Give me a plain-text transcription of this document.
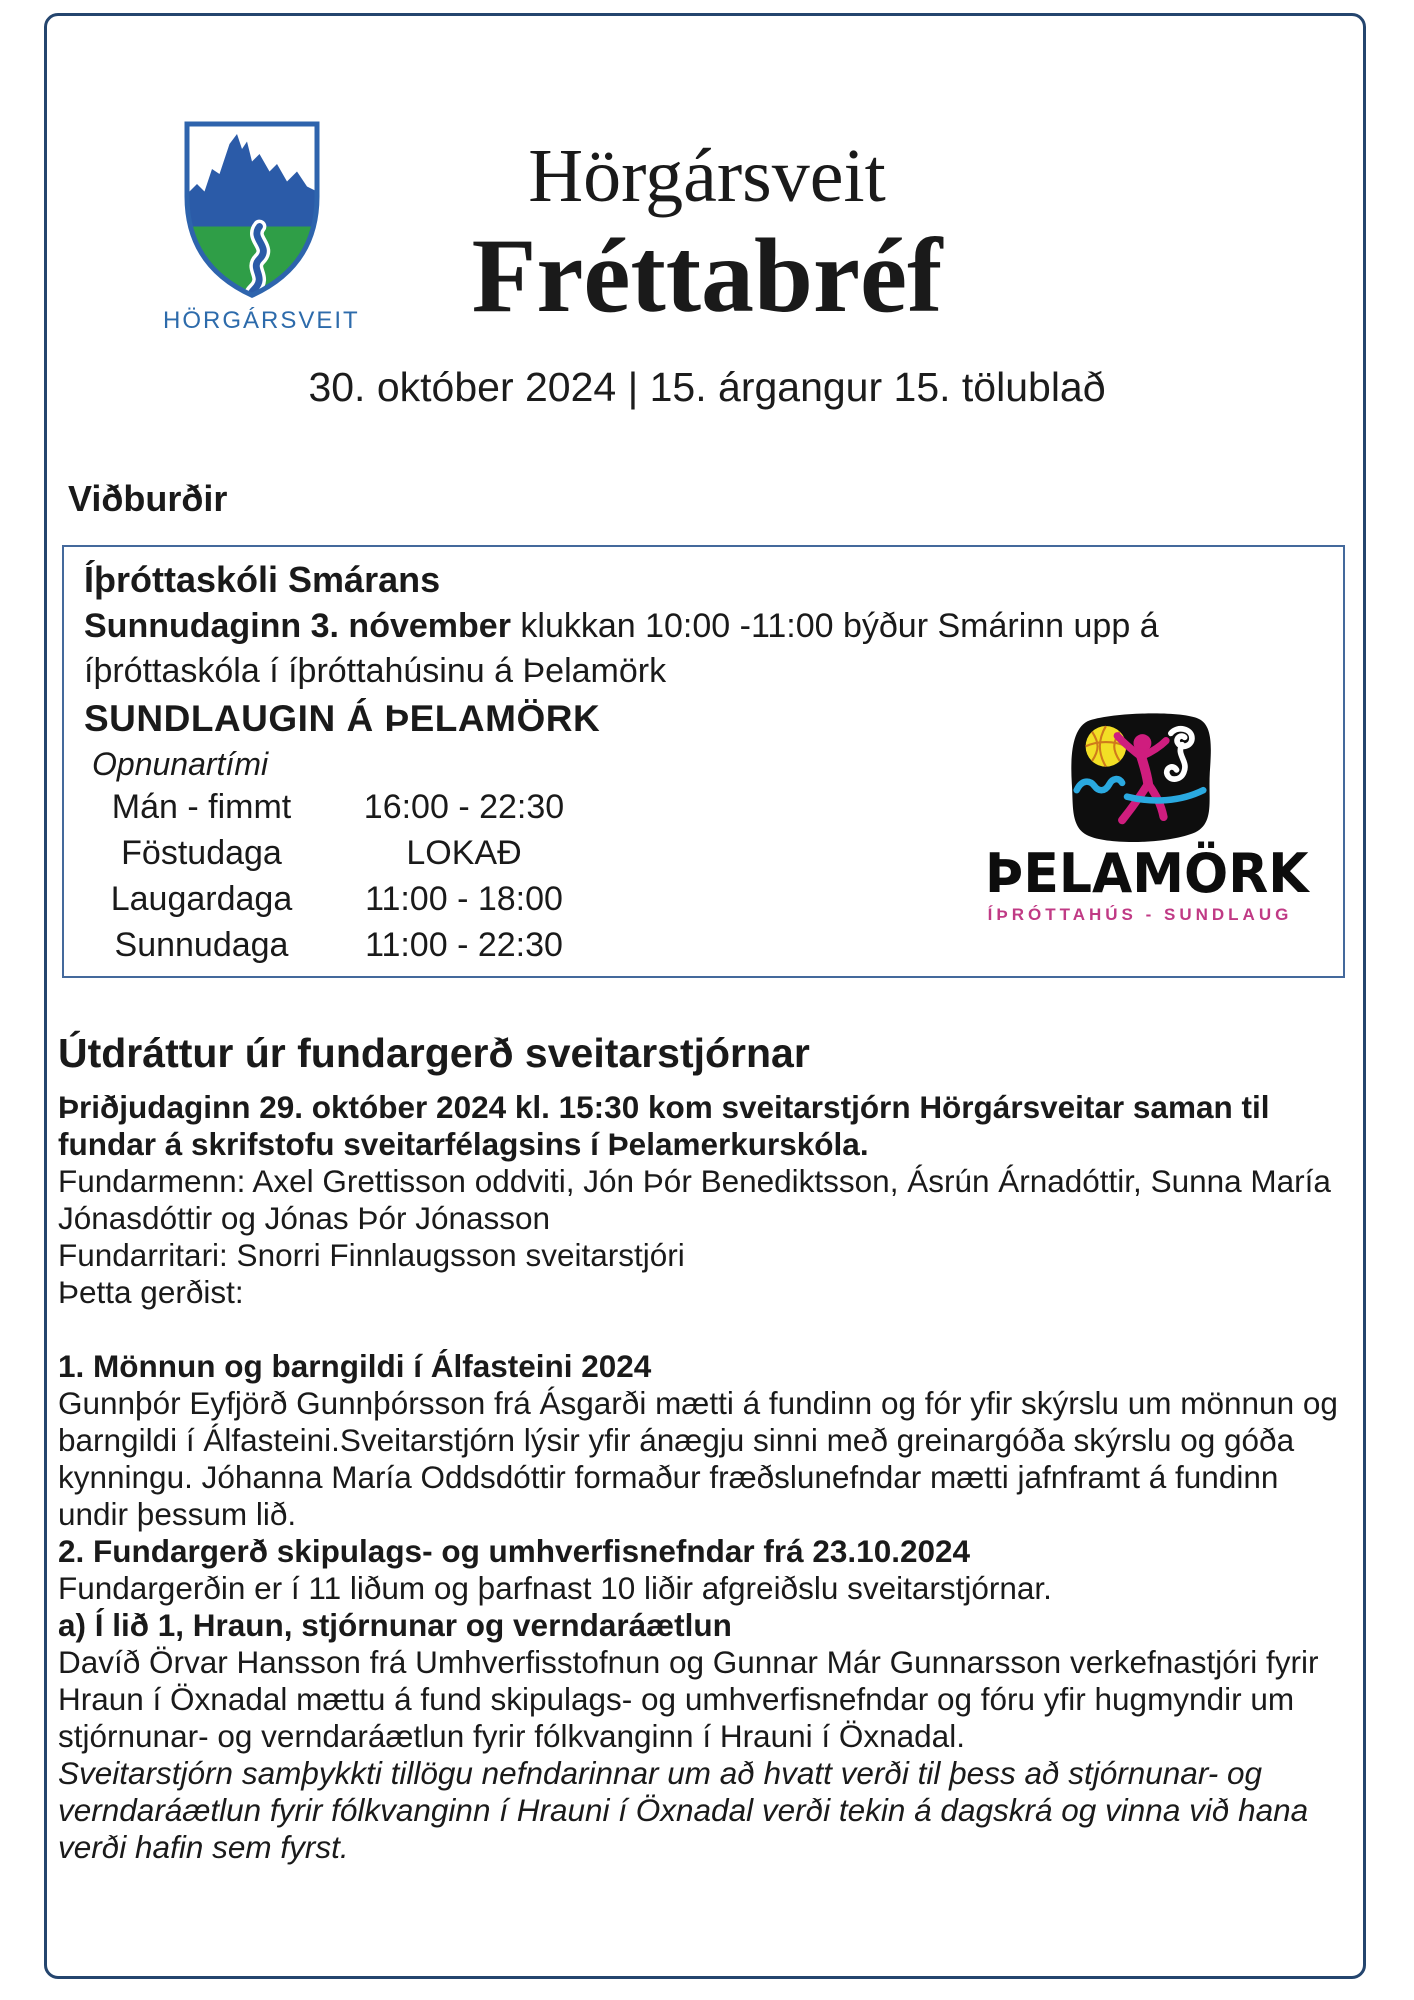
HÖRGÁRSVEIT
Hörgársveit
Fréttabréf
30. október 2024 | 15. árgangur 15. tölublað
Viðburðir
Íþróttaskóli Smárans
Sunnudaginn 3. nóvember klukkan 10:00 -11:00 býður Smárinn upp á íþróttaskóla í íþróttahúsinu á Þelamörk
SUNDLAUGIN Á ÞELAMÖRK
Opnunartími
Mán - fimmt	16:00 - 22:30
Föstudaga	LOKAÐ
Laugardaga	11:00 - 18:00
Sunnudaga	11:00 - 22:30
ÞELAMÖRK
ÍÞRÓTTAHÚS - SUNDLAUG
Útdráttur úr fundargerð sveitarstjórnar

Þriðjudaginn 29. október 2024 kl. 15:30 kom sveitarstjórn Hörgársveitar saman til fundar á skrifstofu sveitarfélagsins í Þelamerkurskóla.

Fundarmenn: Axel Grettisson oddviti, Jón Þór Benediktsson, Ásrún Árnadóttir, Sunna María Jónasdóttir og Jónas Þór Jónasson

Fundarritari: Snorri Finnlaugsson sveitarstjóri

Þetta gerðist:

1. Mönnun og barngildi í Álfasteini 2024

Gunnþór Eyfjörð Gunnþórsson frá Ásgarði mætti á fundinn og fór yfir skýrslu um mönnun og barngildi í Álfasteini.Sveitarstjórn lýsir yfir ánægju sinni með greinargóða skýrslu og góða kynningu. Jóhanna María Oddsdóttir formaður fræðslunefndar mætti jafnframt á fundinn undir þessum lið.

2. Fundargerð skipulags- og umhverfisnefndar frá 23.10.2024

Fundargerðin er í 11 liðum og þarfnast 10 liðir afgreiðslu sveitarstjórnar.

a) Í lið 1, Hraun, stjórnunar og verndaráætlun

Davíð Örvar Hansson frá Umhverfisstofnun og Gunnar Már Gunnarsson verkefnastjóri fyrir Hraun í Öxnadal mættu á fund skipulags- og umhverfisnefndar og fóru yfir hugmyndir um stjórnunar- og verndaráætlun fyrir fólkvanginn í Hrauni í Öxnadal.

Sveitarstjórn samþykkti tillögu nefndarinnar um að hvatt verði til þess að stjórnunar- og verndaráætlun fyrir fólkvanginn í Hrauni í Öxnadal verði tekin á dagskrá og vinna við hana verði hafin sem fyrst.
